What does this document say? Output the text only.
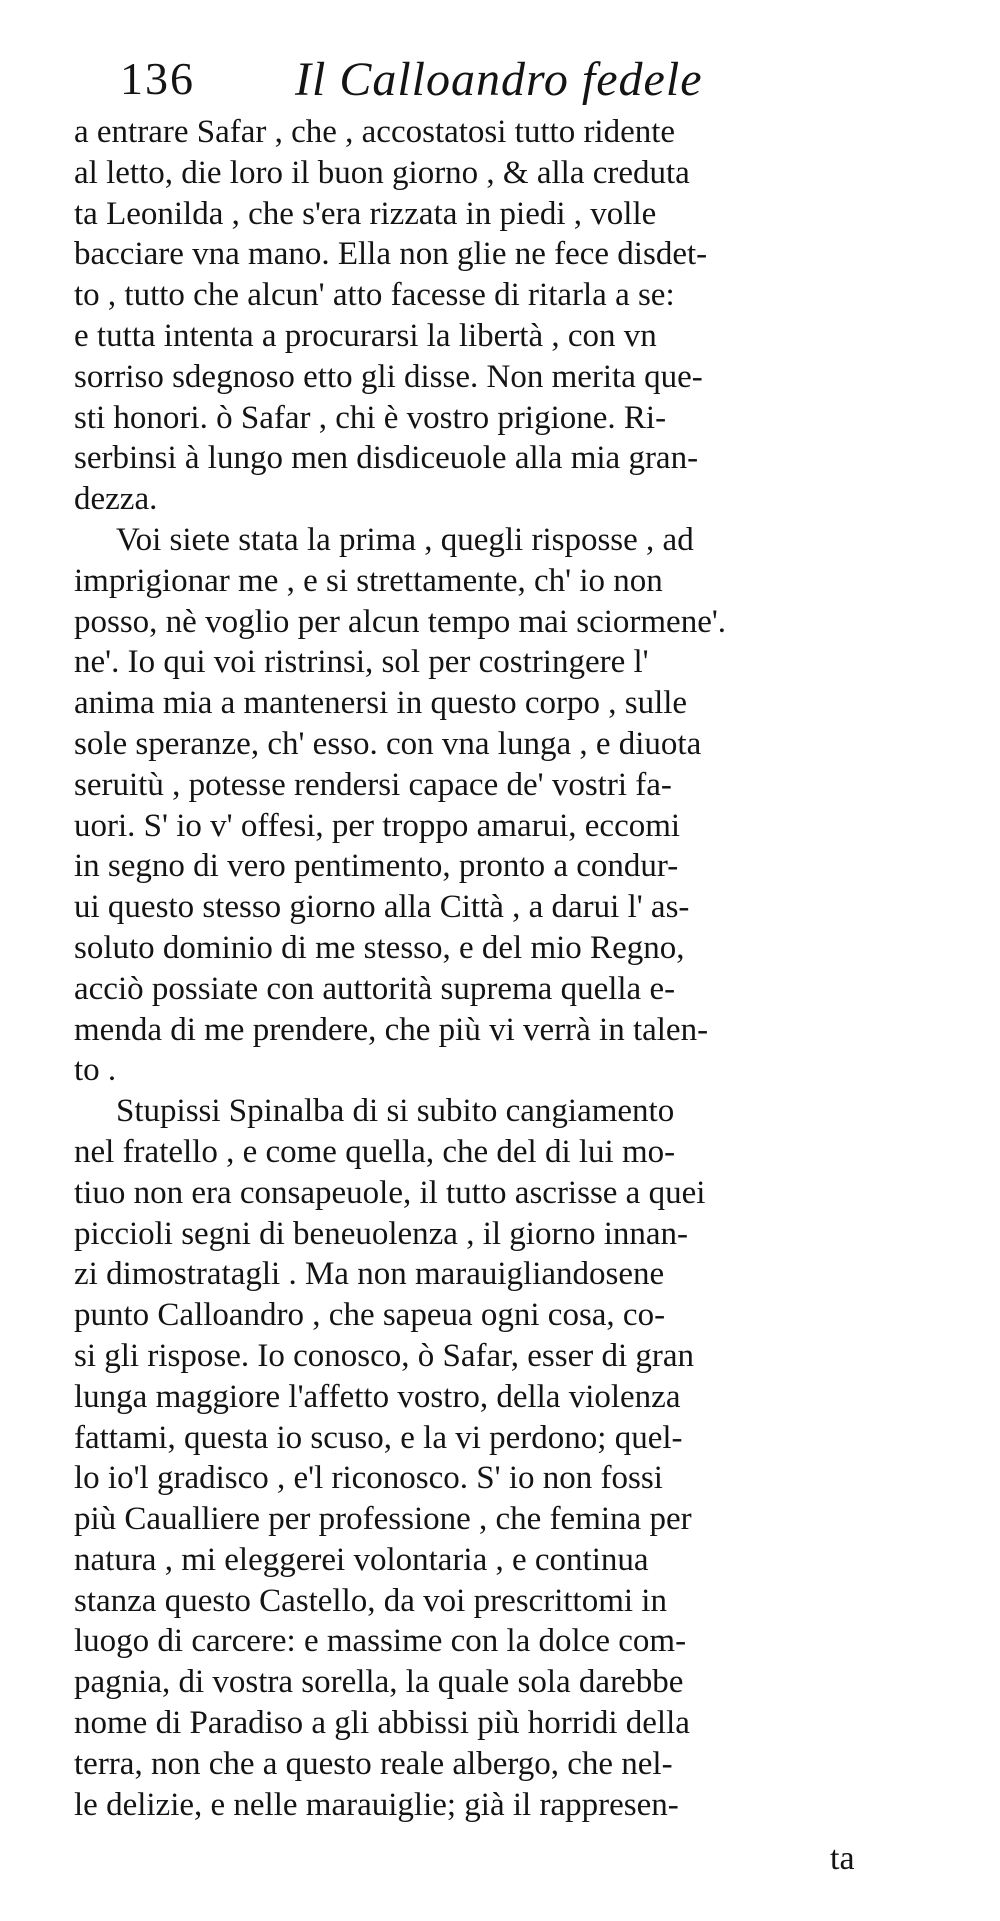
136 Il Calloandro fedele
a entrare Safar , che , accostatosi tutto ridente
al letto, die loro il buon giorno , & alla creduta
ta Leonilda , che s'era rizzata in piedi , volle
bacciare vna mano. Ella non glie ne fece disdet-
to , tutto che alcun' atto facesse di ritarla a se:
e tutta intenta a procurarsi la libertà , con vn
sorriso sdegnoso etto gli disse. Non merita que-
sti honori. ò Safar , chi è vostro prigione. Ri-
serbinsi à lungo men disdiceuole alla mia gran-
dezza.
Voi siete stata la prima , quegli risposse , ad
imprigionar me , e si strettamente, ch' io non
posso, nè voglio per alcun tempo mai sciormene'.
ne'. Io qui voi ristrinsi, sol per costringere l'
anima mia a mantenersi in questo corpo , sulle
sole speranze, ch' esso. con vna lunga , e diuota
seruitù , potesse rendersi capace de' vostri fa-
uori. S' io v' offesi, per troppo amarui, eccomi
in segno di vero pentimento, pronto a condur-
ui questo stesso giorno alla Città , a darui l' as-
soluto dominio di me stesso, e del mio Regno,
acciò possiate con auttorità suprema quella e-
menda di me prendere, che più vi verrà in talen-
to .
Stupissi Spinalba di si subito cangiamento
nel fratello , e come quella, che del di lui mo-
tiuo non era consapeuole, il tutto ascrisse a quei
piccioli segni di beneuolenza , il giorno innan-
zi dimostratagli . Ma non marauigliandosene
punto Calloandro , che sapeua ogni cosa, co-
si gli rispose. Io conosco, ò Safar, esser di gran
lunga maggiore l'affetto vostro, della violenza
fattami, questa io scuso, e la vi perdono; quel-
lo io'l gradisco , e'l riconosco. S' io non fossi
più Caualliere per professione , che femina per
natura , mi eleggerei volontaria , e continua
stanza questo Castello, da voi prescrittomi in
luogo di carcere: e massime con la dolce com-
pagnia, di vostra sorella, la quale sola darebbe
nome di Paradiso a gli abbissi più horridi della
terra, non che a questo reale albergo, che nel-
le delizie, e nelle marauiglie; già il rappresen-
ta
